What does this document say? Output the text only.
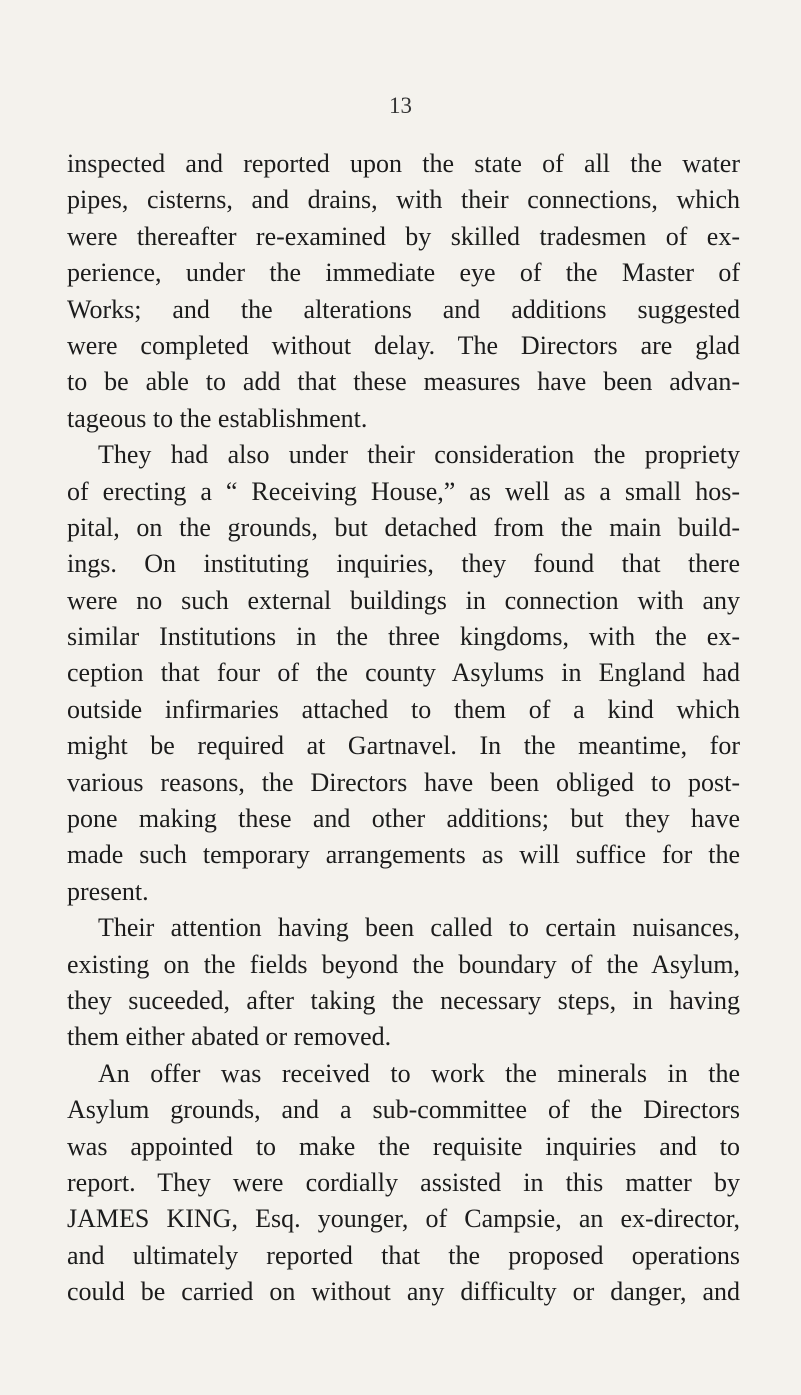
13
inspected and reported upon the state of all the water
pipes, cisterns, and drains, with their connections, which
were thereafter re-examined by skilled tradesmen of ex-
perience, under the immediate eye of the Master of
Works; and the alterations and additions suggested
were completed without delay. The Directors are glad
to be able to add that these measures have been advan-
tageous to the establishment.
They had also under their consideration the propriety
of erecting a “ Receiving House,” as well as a small hos-
pital, on the grounds, but detached from the main build-
ings. On instituting inquiries, they found that there
were no such external buildings in connection with any
similar Institutions in the three kingdoms, with the ex-
ception that four of the county Asylums in England had
outside infirmaries attached to them of a kind which
might be required at Gartnavel. In the meantime, for
various reasons, the Directors have been obliged to post-
pone making these and other additions; but they have
made such temporary arrangements as will suffice for the
present.
Their attention having been called to certain nuisances,
existing on the fields beyond the boundary of the Asylum,
they suceeded, after taking the necessary steps, in having
them either abated or removed.
An offer was received to work the minerals in the
Asylum grounds, and a sub-committee of the Directors
was appointed to make the requisite inquiries and to
report. They were cordially assisted in this matter by
JAMES KING, Esq. younger, of Campsie, an ex-director,
and ultimately reported that the proposed operations
could be carried on without any difficulty or danger, and
